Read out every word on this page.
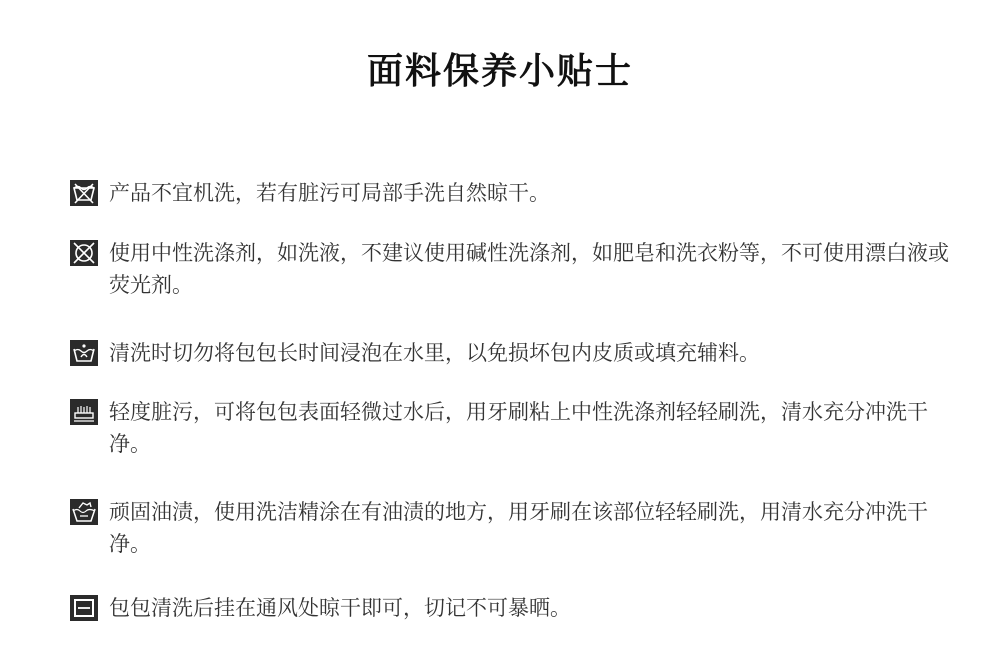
面料保养小贴士
产品不宜机洗，若有脏污可局部手洗自然晾干。
使用中性洗涤剂，如洗液，不建议使用碱性洗涤剂，如肥皂和洗衣粉等，不可使用漂白液或荧光剂。
清洗时切勿将包包长时间浸泡在水里，以免损坏包内皮质或填充辅料。
轻度脏污，可将包包表面轻微过水后，用牙刷粘上中性洗涤剂轻轻刷洗，清水充分冲洗干净。
顽固油渍，使用洗洁精涂在有油渍的地方，用牙刷在该部位轻轻刷洗，用清水充分冲洗干净。
包包清洗后挂在通风处晾干即可，切记不可暴晒。
